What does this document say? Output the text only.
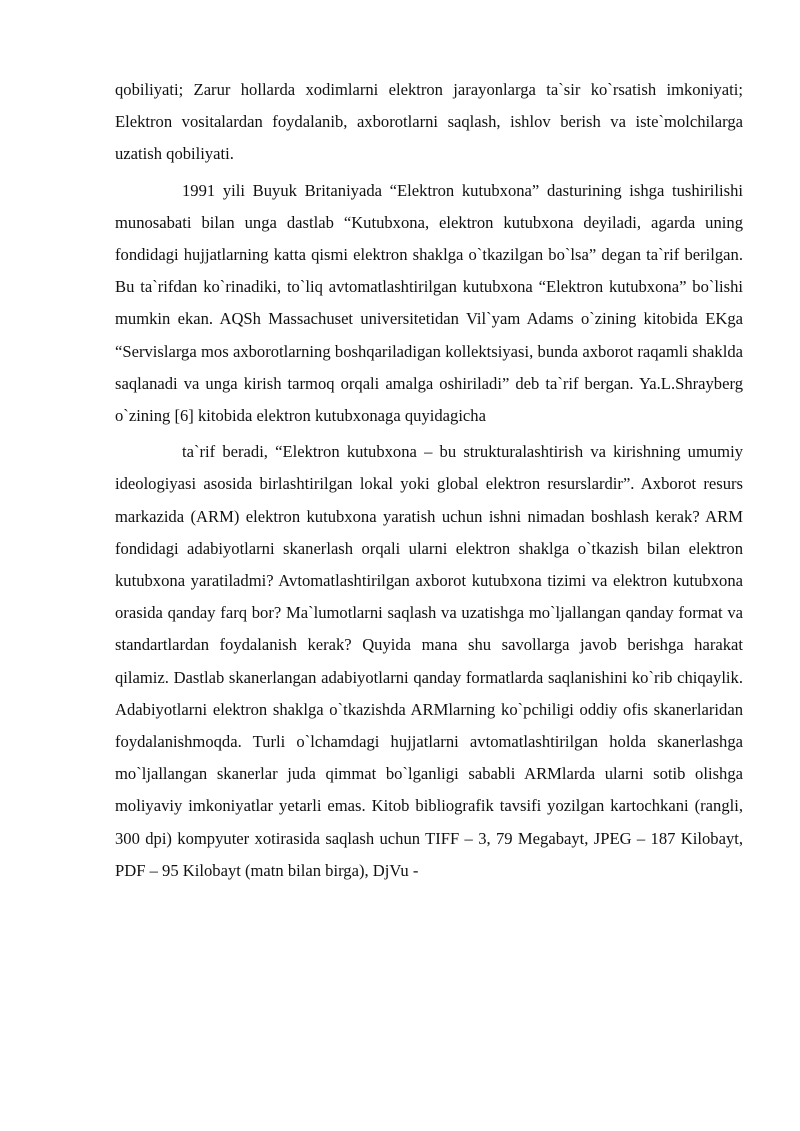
qobiliyati; Zarur hollarda xodimlarni elektron jarayonlarga ta`sir ko`rsatish imkoniyati; Elektron vositalardan foydalanib, axborotlarni saqlash, ishlov berish va iste`molchilarga uzatish qobiliyati.

1991 yili Buyuk Britaniyada “Elektron kutubxona” dasturining ishga tushirilishi munosabati bilan unga dastlab “Kutubxona, elektron kutubxona deyiladi, agarda uning fondidagi hujjatlarning katta qismi elektron shaklga o`tkazilgan bo`lsa” degan ta`rif berilgan. Bu ta`rifdan ko`rinadiki, to`liq avtomatlashtirilgan kutubxona “Elektron kutubxona” bo`lishi mumkin ekan. AQSh Massachuset universitetidan Vil`yam Adams o`zining kitobida EKga “Servislarga mos axborotlarning boshqariladigan kollektsiyasi, bunda axborot raqamli shaklda saqlanadi va unga kirish tarmoq orqali amalga oshiriladi” deb ta`rif bergan. Ya.L.Shrayberg o`zining [6] kitobida elektron kutubxonaga quyidagicha

ta`rif beradi, “Elektron kutubxona – bu strukturalashtirish va kirishning umumiy ideologiyasi asosida birlashtirilgan lokal yoki global elektron resurslardir”. Axborot resurs markazida (ARM) elektron kutubxona yaratish uchun ishni nimadan boshlash kerak? ARM fondidagi adabiyotlarni skanerlash orqali ularni elektron shaklga o`tkazish bilan elektron kutubxona yaratiladmi? Avtomatlashtirilgan axborot kutubxona tizimi va elektron kutubxona orasida qanday farq bor? Ma`lumotlarni saqlash va uzatishga mo`ljallangan qanday format va standartlardan foydalanish kerak? Quyida mana shu savollarga javob berishga harakat qilamiz. Dastlab skanerlangan adabiyotlarni qanday formatlarda saqlanishini ko`rib chiqaylik. Adabiyotlarni elektron shaklga o`tkazishda ARMlarning ko`pchiligi oddiy ofis skanerlaridan foydalanishmoqda. Turli o`lchamdagi hujjatlarni avtomatlashtirilgan holda skanerlashga mo`ljallangan skanerlar juda qimmat bo`lganligi sababli ARMlarda ularni sotib olishga moliyaviy imkoniyatlar yetarli emas. Kitob bibliografik tavsifi yozilgan kartochkani (rangli, 300 dpi) kompyuter xotirasida saqlash uchun TIFF – 3, 79 Megabayt, JPEG – 187 Kilobayt, PDF – 95 Kilobayt (matn bilan birga), DjVu -
